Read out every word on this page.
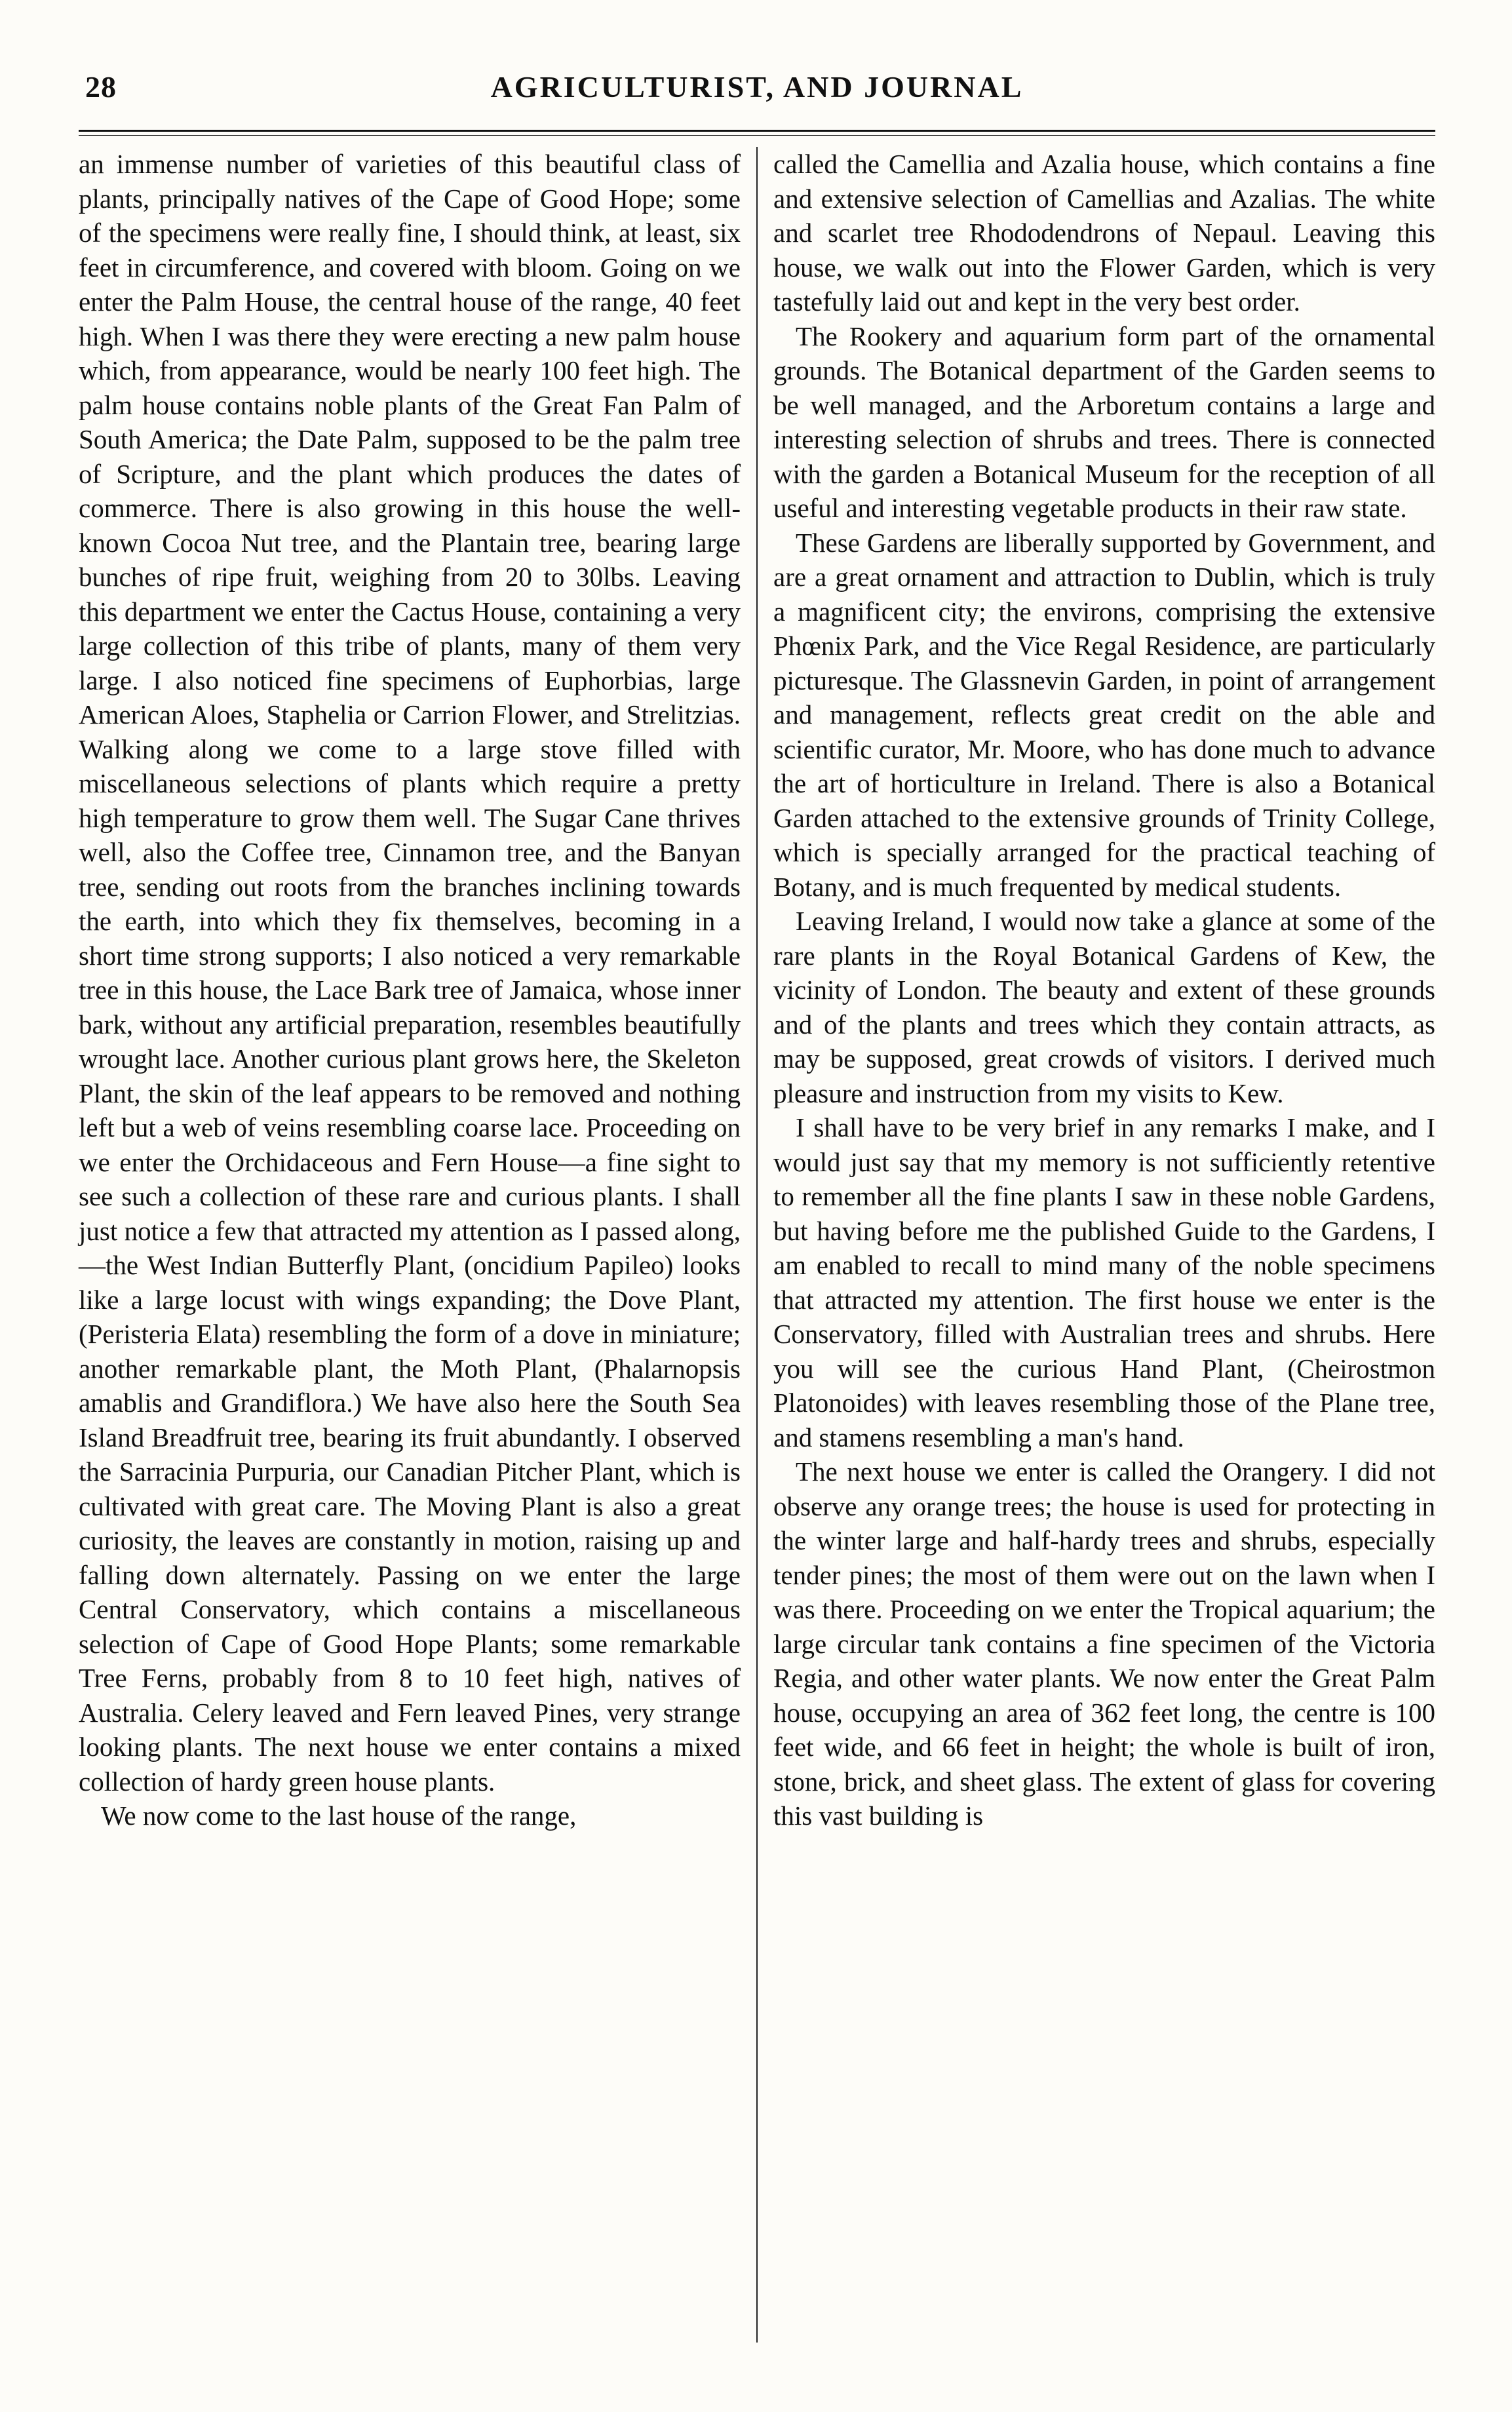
28	AGRICULTURIST, AND JOURNAL

an immense number of varieties of this beautiful class of plants, principally natives of the Cape of Good Hope; some of the specimens were really fine, I should think, at least, six feet in circumference, and covered with bloom. Going on we enter the Palm House, the central house of the range, 40 feet high. When I was there they were erecting a new palm house which, from appearance, would be nearly 100 feet high. The palm house contains noble plants of the Great Fan Palm of South America; the Date Palm, supposed to be the palm tree of Scripture, and the plant which produces the dates of commerce. There is also growing in this house the well-known Cocoa Nut tree, and the Plantain tree, bearing large bunches of ripe fruit, weighing from 20 to 30lbs. Leaving this department we enter the Cactus House, containing a very large collection of this tribe of plants, many of them very large. I also noticed fine specimens of Euphorbias, large American Aloes, Staphelia or Carrion Flower, and Strelitzias. Walking along we come to a large stove filled with miscellaneous selections of plants which require a pretty high temperature to grow them well. The Sugar Cane thrives well, also the Coffee tree, Cinnamon tree, and the Banyan tree, sending out roots from the branches inclining towards the earth, into which they fix themselves, becoming in a short time strong supports; I also noticed a very remarkable tree in this house, the Lace Bark tree of Jamaica, whose inner bark, without any artificial preparation, resembles beautifully wrought lace. Another curious plant grows here, the Skeleton Plant, the skin of the leaf appears to be removed and nothing left but a web of veins resembling coarse lace. Proceeding on we enter the Orchidaceous and Fern House—a fine sight to see such a collection of these rare and curious plants. I shall just notice a few that attracted my attention as I passed along,—the West Indian Butterfly Plant, (oncidium Papileo) looks like a large locust with wings expanding; the Dove Plant, (Peristeria Elata) resembling the form of a dove in miniature; another remarkable plant, the Moth Plant, (Phalarnopsis amablis and Grandiflora.) We have also here the South Sea Island Breadfruit tree, bearing its fruit abundantly. I observed the Sarracinia Purpuria, our Canadian Pitcher Plant, which is cultivated with great care. The Moving Plant is also a great curiosity, the leaves are constantly in motion, raising up and falling down alternately. Passing on we enter the large Central Conservatory, which contains a miscellaneous selection of Cape of Good Hope Plants; some remarkable Tree Ferns, probably from 8 to 10 feet high, natives of Australia. Celery leaved and Fern leaved Pines, very strange looking plants. The next house we enter contains a mixed collection of hardy green house plants.

We now come to the last house of the range,

called the Camellia and Azalia house, which contains a fine and extensive selection of Camellias and Azalias. The white and scarlet tree Rhododendrons of Nepaul. Leaving this house, we walk out into the Flower Garden, which is very tastefully laid out and kept in the very best order.

The Rookery and aquarium form part of the ornamental grounds. The Botanical department of the Garden seems to be well managed, and the Arboretum contains a large and interesting selection of shrubs and trees. There is connected with the garden a Botanical Museum for the reception of all useful and interesting vegetable products in their raw state.

These Gardens are liberally supported by Government, and are a great ornament and attraction to Dublin, which is truly a magnificent city; the environs, comprising the extensive Phœnix Park, and the Vice Regal Residence, are particularly picturesque. The Glassnevin Garden, in point of arrangement and management, reflects great credit on the able and scientific curator, Mr. Moore, who has done much to advance the art of horticulture in Ireland. There is also a Botanical Garden attached to the extensive grounds of Trinity College, which is specially arranged for the practical teaching of Botany, and is much frequented by medical students.

Leaving Ireland, I would now take a glance at some of the rare plants in the Royal Botanical Gardens of Kew, the vicinity of London. The beauty and extent of these grounds and of the plants and trees which they contain attracts, as may be supposed, great crowds of visitors. I derived much pleasure and instruction from my visits to Kew.

I shall have to be very brief in any remarks I make, and I would just say that my memory is not sufficiently retentive to remember all the fine plants I saw in these noble Gardens, but having before me the published Guide to the Gardens, I am enabled to recall to mind many of the noble specimens that attracted my attention. The first house we enter is the Conservatory, filled with Australian trees and shrubs. Here you will see the curious Hand Plant, (Cheirostmon Platonoides) with leaves resembling those of the Plane tree, and stamens resembling a man's hand.

The next house we enter is called the Orangery. I did not observe any orange trees; the house is used for protecting in the winter large and half-hardy trees and shrubs, especially tender pines; the most of them were out on the lawn when I was there. Proceeding on we enter the Tropical aquarium; the large circular tank contains a fine specimen of the Victoria Regia, and other water plants. We now enter the Great Palm house, occupying an area of 362 feet long, the centre is 100 feet wide, and 66 feet in height; the whole is built of iron, stone, brick, and sheet glass. The extent of glass for covering this vast building is
